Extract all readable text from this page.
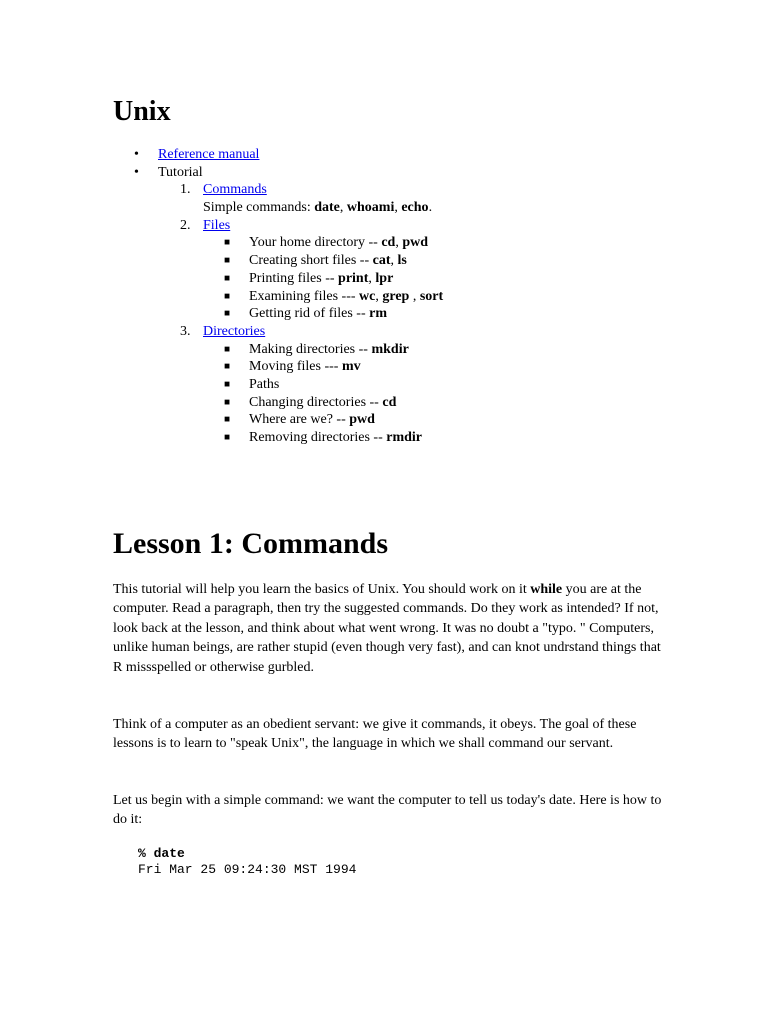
Unix
• Reference manual
• Tutorial
1. Commands
Simple commands: date, whoami, echo.
2. Files
■ Your home directory -- cd, pwd
■ Creating short files -- cat, ls
■ Printing files -- print, lpr
■ Examining files --- wc, grep , sort
■ Getting rid of files -- rm
3. Directories
■ Making directories -- mkdir
■ Moving files --- mv
■ Paths
■ Changing directories -- cd
■ Where are we? -- pwd
■ Removing directories -- rmdir
Lesson 1: Commands

This tutorial will help you learn the basics of Unix. You should work on it while you are at the computer. Read a paragraph, then try the suggested commands. Do they work as intended? If not, look back at the lesson, and think about what went wrong. It was no doubt a "typo. " Computers, unlike human beings, are rather stupid (even though very fast), and can knot undrstand things that R missspelled or otherwise gurbled.

Think of a computer as an obedient servant: we give it commands, it obeys. The goal of these lessons is to learn to "speak Unix", the language in which we shall command our servant.

Let us begin with a simple command: we want the computer to tell us today's date. Here is how to do it:

% date
Fri Mar 25 09:24:30 MST 1994
